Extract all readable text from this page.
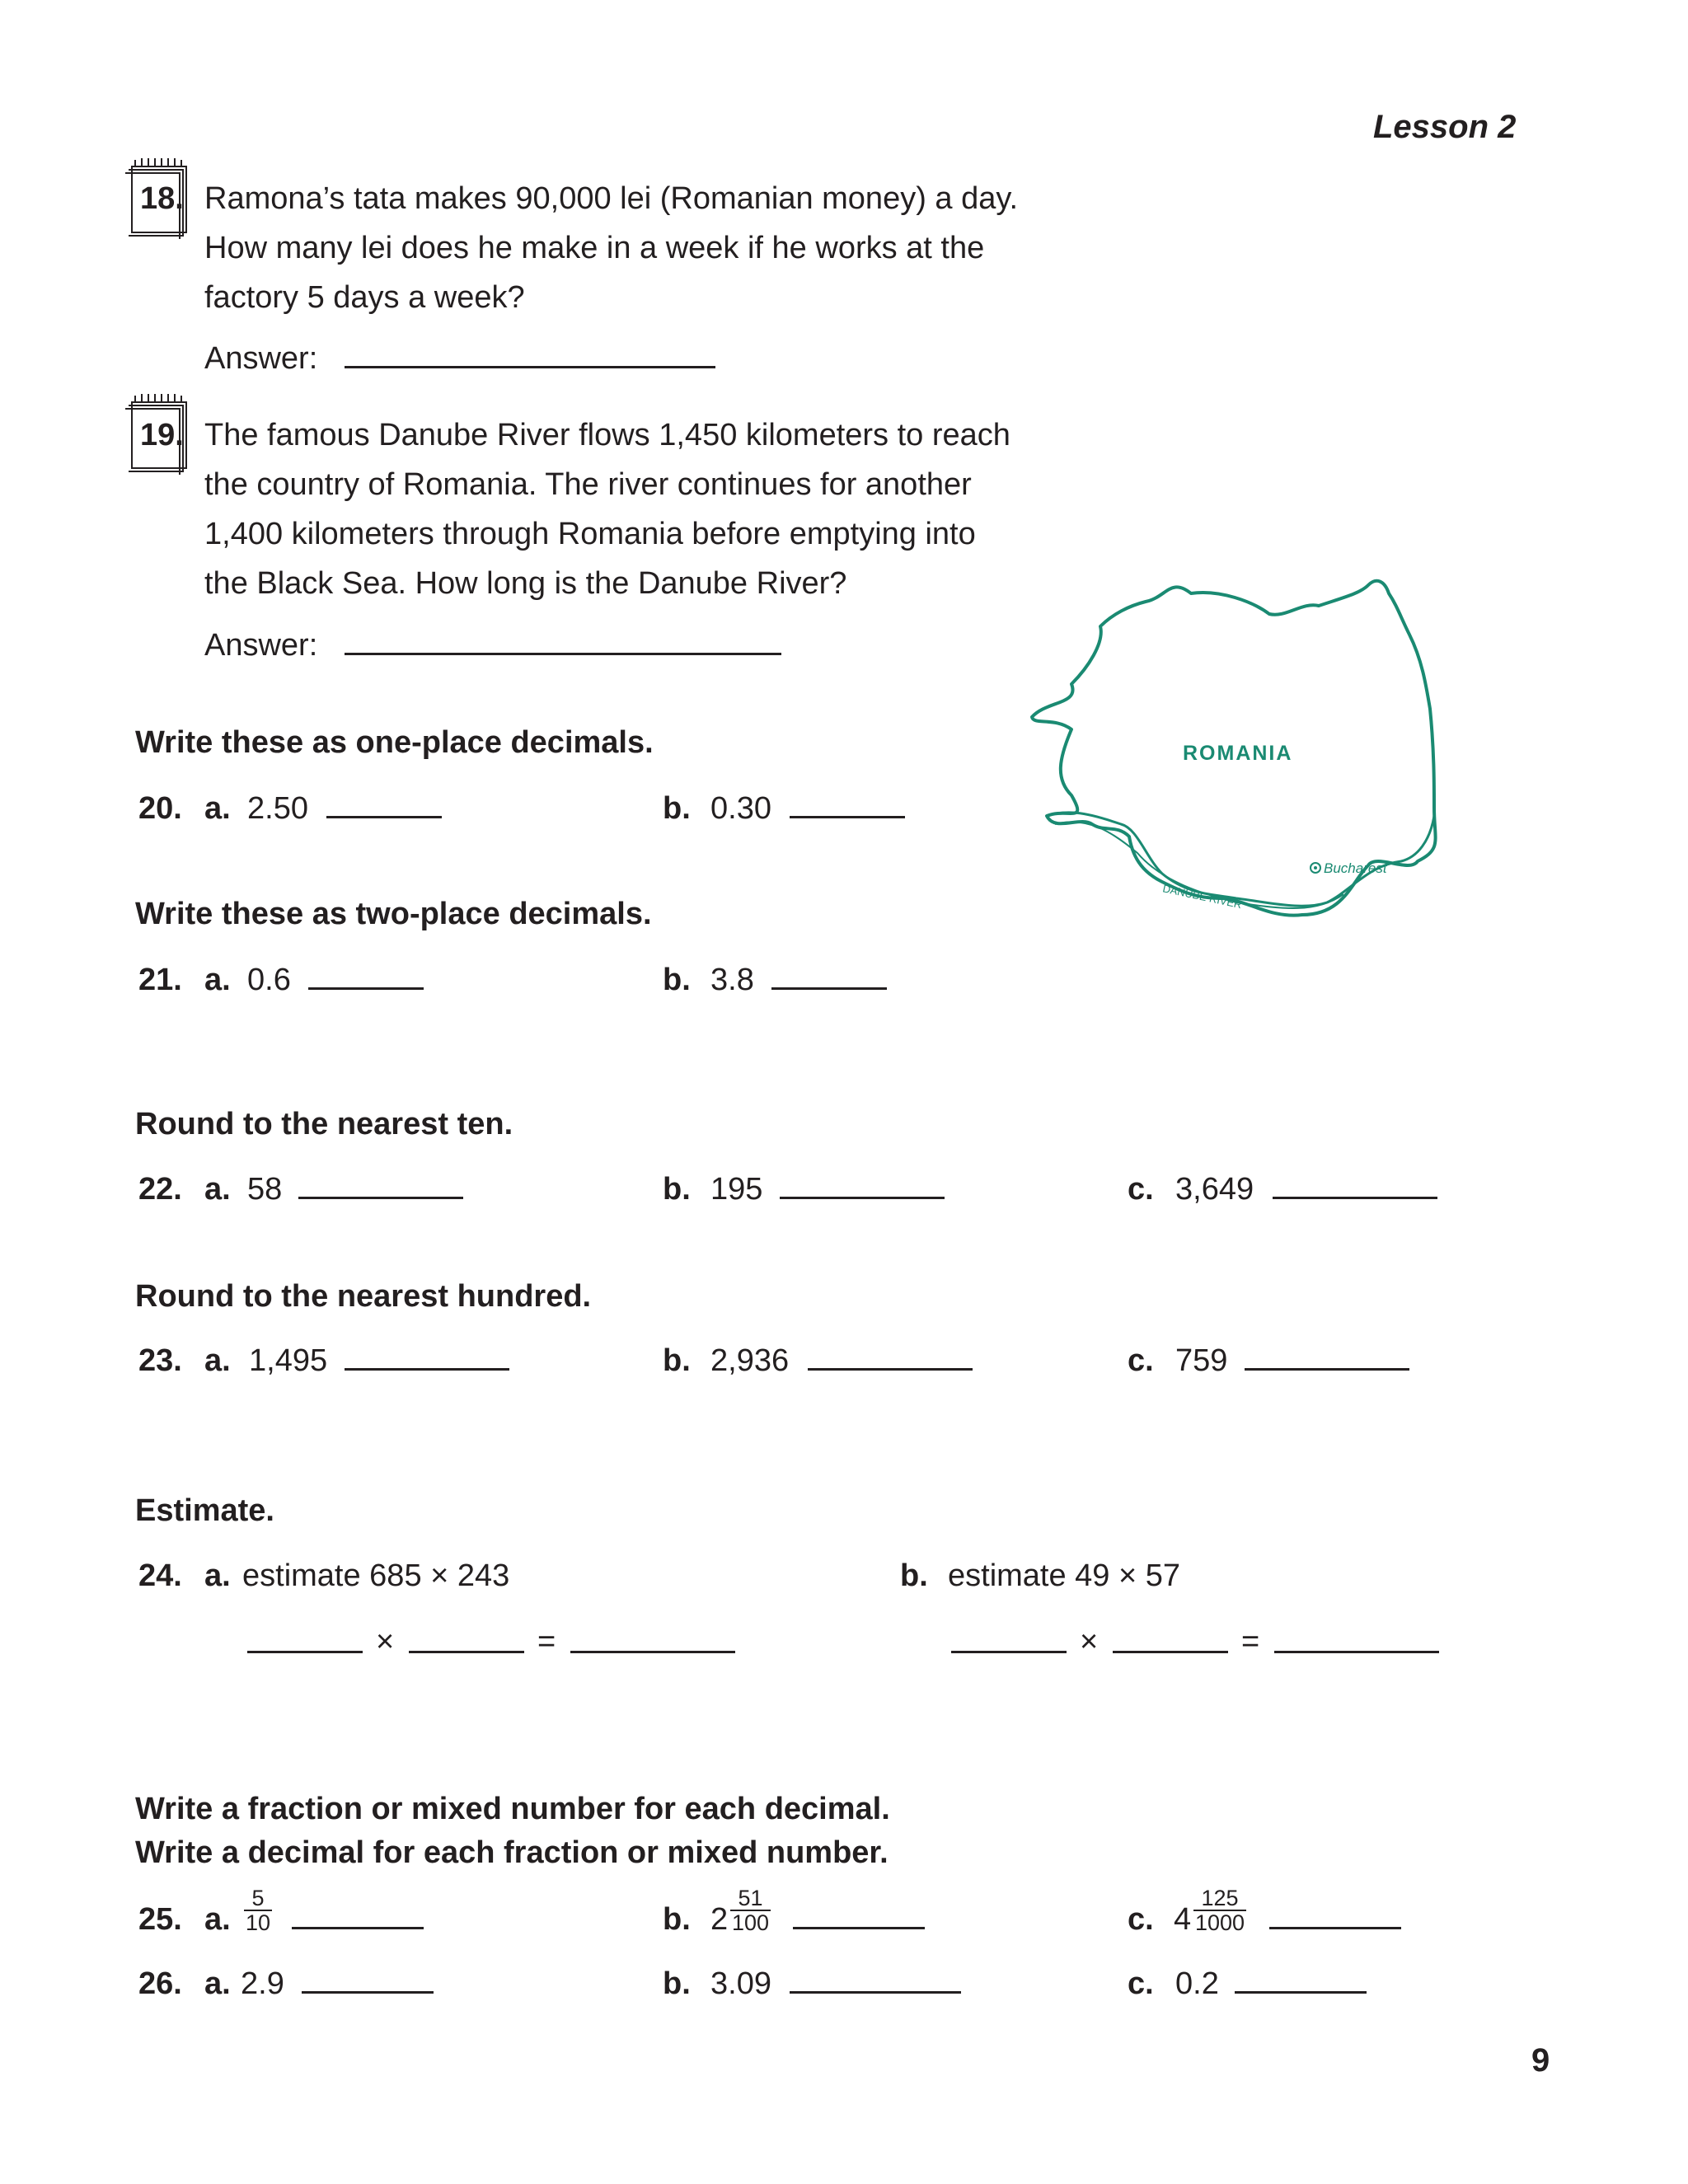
Lesson 2
18. Ramona’s tata makes 90,000 lei (Romanian money) a day.
How many lei does he make in a week if he works at the
factory 5 days a week?
Answer:
19. The famous Danube River flows 1,450 kilometers to reach
the country of Romania. The river continues for another
1,400 kilometers through Romania before emptying into
the Black Sea. How long is the Danube River?
Answer:
ROMANIA
Bucharest
DANUBE RIVER
Write these as one-place decimals.
20. a. 2.50	b. 0.30
Write these as two-place decimals.
21. a. 0.6	b. 3.8
Round to the nearest ten.
22. a. 58	b. 195	c. 3,649
Round to the nearest hundred.
23. a. 1,495	b. 2,936	c. 759
Estimate.
24. a. estimate 685 × 243	b. estimate 49 × 57
×	=	×	=
Write a fraction or mixed number for each decimal.
Write a decimal for each fraction or mixed number.
25. a. $\frac{5}{10}$	b. $2 \frac{51}{100}$	c. $4 \frac{125}{1000}$
26. a. 2.9	b. 3.09	c. 0.2
9
